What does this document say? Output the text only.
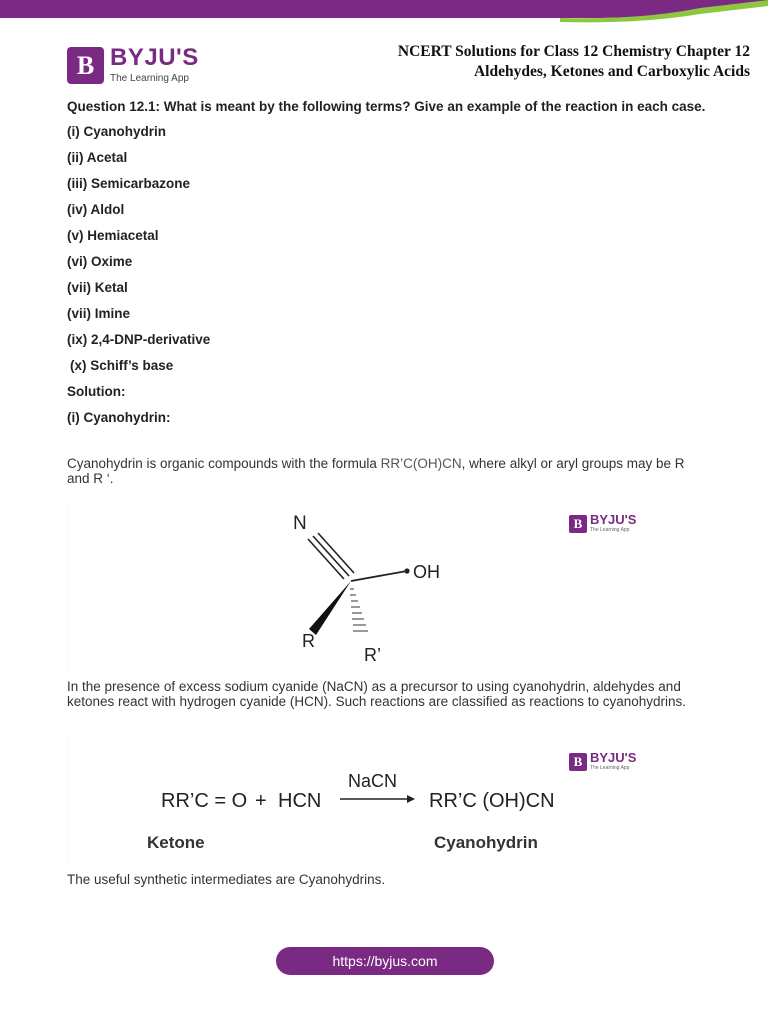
B BYJU'S
The Learning App
NCERT Solutions for Class 12 Chemistry Chapter 12
Aldehydes, Ketones and Carboxylic Acids
Question 12.1: What is meant by the following terms? Give an example of the reaction in each case.
(i) Cyanohydrin
(ii) Acetal
(iii) Semicarbazone
(iv) Aldol
(v) Hemiacetal
(vi) Oxime
(vii) Ketal
(vii) Imine
(ix) 2,4-DNP-derivative
(x) Schiff’s base
Solution:
(i) Cyanohydrin:
Cyanohydrin is organic compounds with the formula RR’C(OH)CN, where alkyl or aryl groups may be R and R ‘.
N
OH
R
R’
B BYJU'S
The Learning App
In the presence of excess sodium cyanide (NaCN) as a precursor to using cyanohydrin, aldehydes and ketones react with hydrogen cyanide (HCN). Such reactions are classified as reactions to cyanohydrins.
RR’C = O + HCN
NaCN
RR’C (OH)CN
Ketone	Cyanohydrin
B BYJU'S
The Learning App
The useful synthetic intermediates are Cyanohydrins.
https://byjus.com
